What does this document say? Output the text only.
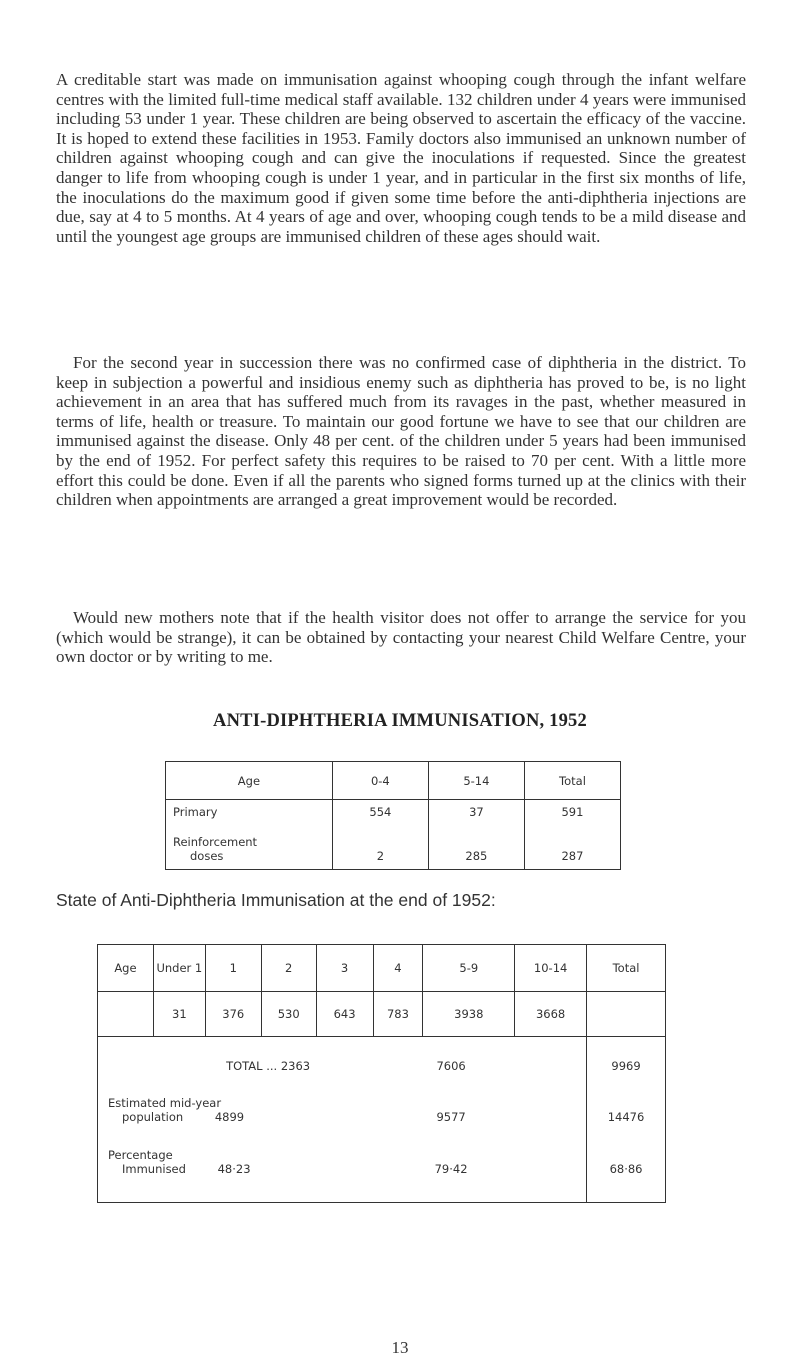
A creditable start was made on immunisation against whooping cough through the infant welfare centres with the limited full-time medical staff available. 132 children under 4 years were immunised including 53 under 1 year. These children are being observed to ascertain the efficacy of the vaccine. It is hoped to extend these facilities in 1953. Family doctors also immunised an unknown number of children against whooping cough and can give the inoculations if requested. Since the greatest danger to life from whooping cough is under 1 year, and in particular in the first six months of life, the inoculations do the maximum good if given some time before the anti-diphtheria injections are due, say at 4 to 5 months. At 4 years of age and over, whooping cough tends to be a mild disease and until the youngest age groups are immunised children of these ages should wait.
For the second year in succession there was no confirmed case of diphtheria in the district. To keep in subjection a powerful and insidious enemy such as diphtheria has proved to be, is no light achievement in an area that has suffered much from its ravages in the past, whether measured in terms of life, health or treasure. To maintain our good fortune we have to see that our children are immunised against the disease. Only 48 per cent. of the children under 5 years had been immunised by the end of 1952. For perfect safety this requires to be raised to 70 per cent. With a little more effort this could be done. Even if all the parents who signed forms turned up at the clinics with their children when appointments are arranged a great improvement would be recorded.
Would new mothers note that if the health visitor does not offer to arrange the service for you (which would be strange), it can be obtained by contacting your nearest Child Welfare Centre, your own doctor or by writing to me.
ANTI-DIPHTHERIA IMMUNISATION, 1952
Age	0-4	5-14	Total
Primary	554	37	591

Reinforcement
doses	2	285	287
State of Anti-Diphtheria Immunisation at the end of 1952:
Age	Under 1	1	2	3	4	5-9	10-14	Total
	31	376	530	643	783	3938	3668	
TOTAL ... 2363				7606				9969

Estimated mid-year
population 4899				9577				14476

Percentage
Immunised 48·23				79·42				68·86

13
